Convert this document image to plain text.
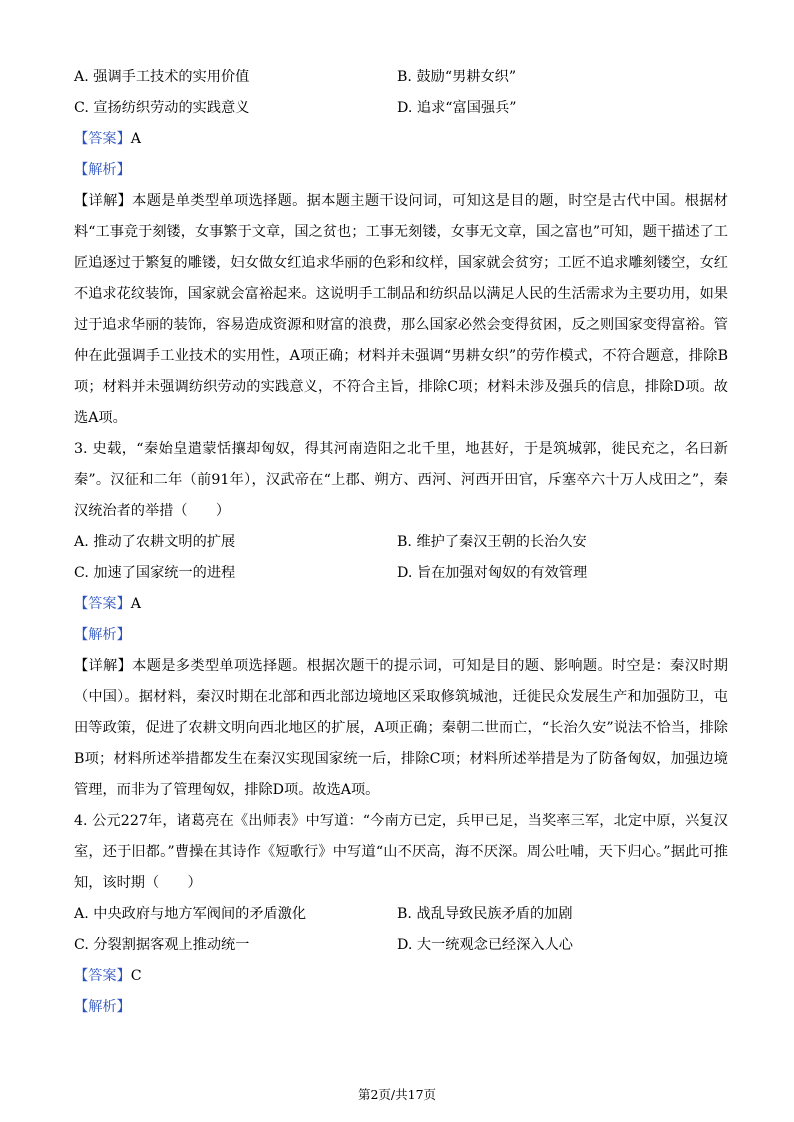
A. 强调手工技术的实用价值	B. 鼓励“男耕女织”
C. 宣扬纺织劳动的实践意义	D. 追求“富国强兵”
【答案】A
【解析】
【详解】本题是单类型单项选择题。据本题主题干设问词，可知这是目的题，时空是古代中国。根据材料“工事竞于刻镂，女事繁于文章，国之贫也；工事无刻镂，女事无文章，国之富也”可知，题干描述了工匠追逐过于繁复的雕镂，妇女做女红追求华丽的色彩和纹样，国家就会贫穷；工匠不追求雕刻镂空，女红不追求花纹装饰，国家就会富裕起来。这说明手工制品和纺织品以满足人民的生活需求为主要功用，如果过于追求华丽的装饰，容易造成资源和财富的浪费，那么国家必然会变得贫困，反之则国家变得富裕。管仲在此强调手工业技术的实用性，A项正确；材料并未强调“男耕女织”的劳作模式，不符合题意，排除B项；材料并未强调纺织劳动的实践意义，不符合主旨，排除C项；材料未涉及强兵的信息，排除D项。故选A项。
3. 史载，“秦始皇遣蒙恬攘却匈奴，得其河南造阳之北千里，地甚好，于是筑城郭，徙民充之，名曰新秦”。汉征和二年（前91年），汉武帝在“上郡、朔方、西河、河西开田官，斥塞卒六十万人戍田之”，秦汉统治者的举措（　　）
A. 推动了农耕文明的扩展	B. 维护了秦汉王朝的长治久安
C. 加速了国家统一的进程	D. 旨在加强对匈奴的有效管理
【答案】A
【解析】
【详解】本题是多类型单项选择题。根据次题干的提示词，可知是目的题、影响题。时空是：秦汉时期（中国）。据材料，秦汉时期在北部和西北部边境地区采取修筑城池，迁徙民众发展生产和加强防卫，屯田等政策，促进了农耕文明向西北地区的扩展，A项正确；秦朝二世而亡，“长治久安”说法不恰当，排除B项；材料所述举措都发生在秦汉实现国家统一后，排除C项；材料所述举措是为了防备匈奴，加强边境管理，而非为了管理匈奴，排除D项。故选A项。
4. 公元227年，诸葛亮在《出师表》中写道：“今南方已定，兵甲已足，当奖率三军，北定中原，兴复汉室，还于旧都。”曹操在其诗作《短歌行》中写道“山不厌高，海不厌深。周公吐哺，天下归心。”据此可推知，该时期（　　）
A. 中央政府与地方军阀间的矛盾激化	B. 战乱导致民族矛盾的加剧
C. 分裂割据客观上推动统一	D. 大一统观念已经深入人心
【答案】C
【解析】
第2页/共17页
